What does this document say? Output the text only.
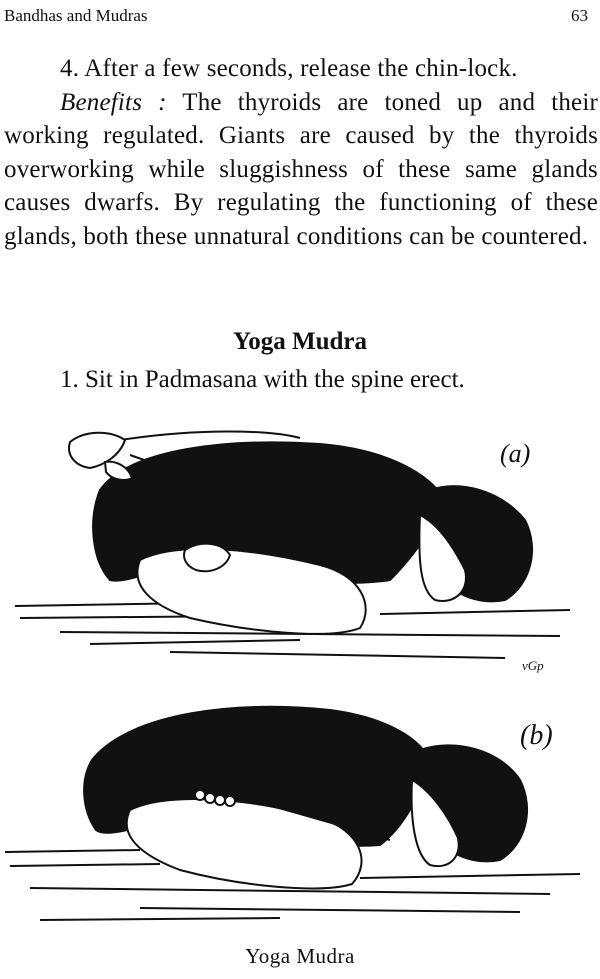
Bandhas and Mudras	63

4. After a few seconds, release the chin-lock.

Benefits : The thyroids are toned up and their working regulated. Giants are caused by the thyroids overworking while sluggishness of these same glands causes dwarfs. By regulating the functioning of these glands, both these unnatural conditions can be countered.

Yoga Mudra
1. Sit in Padmasana with the spine erect.
(a)
vGp
(b)
Yoga Mudra
